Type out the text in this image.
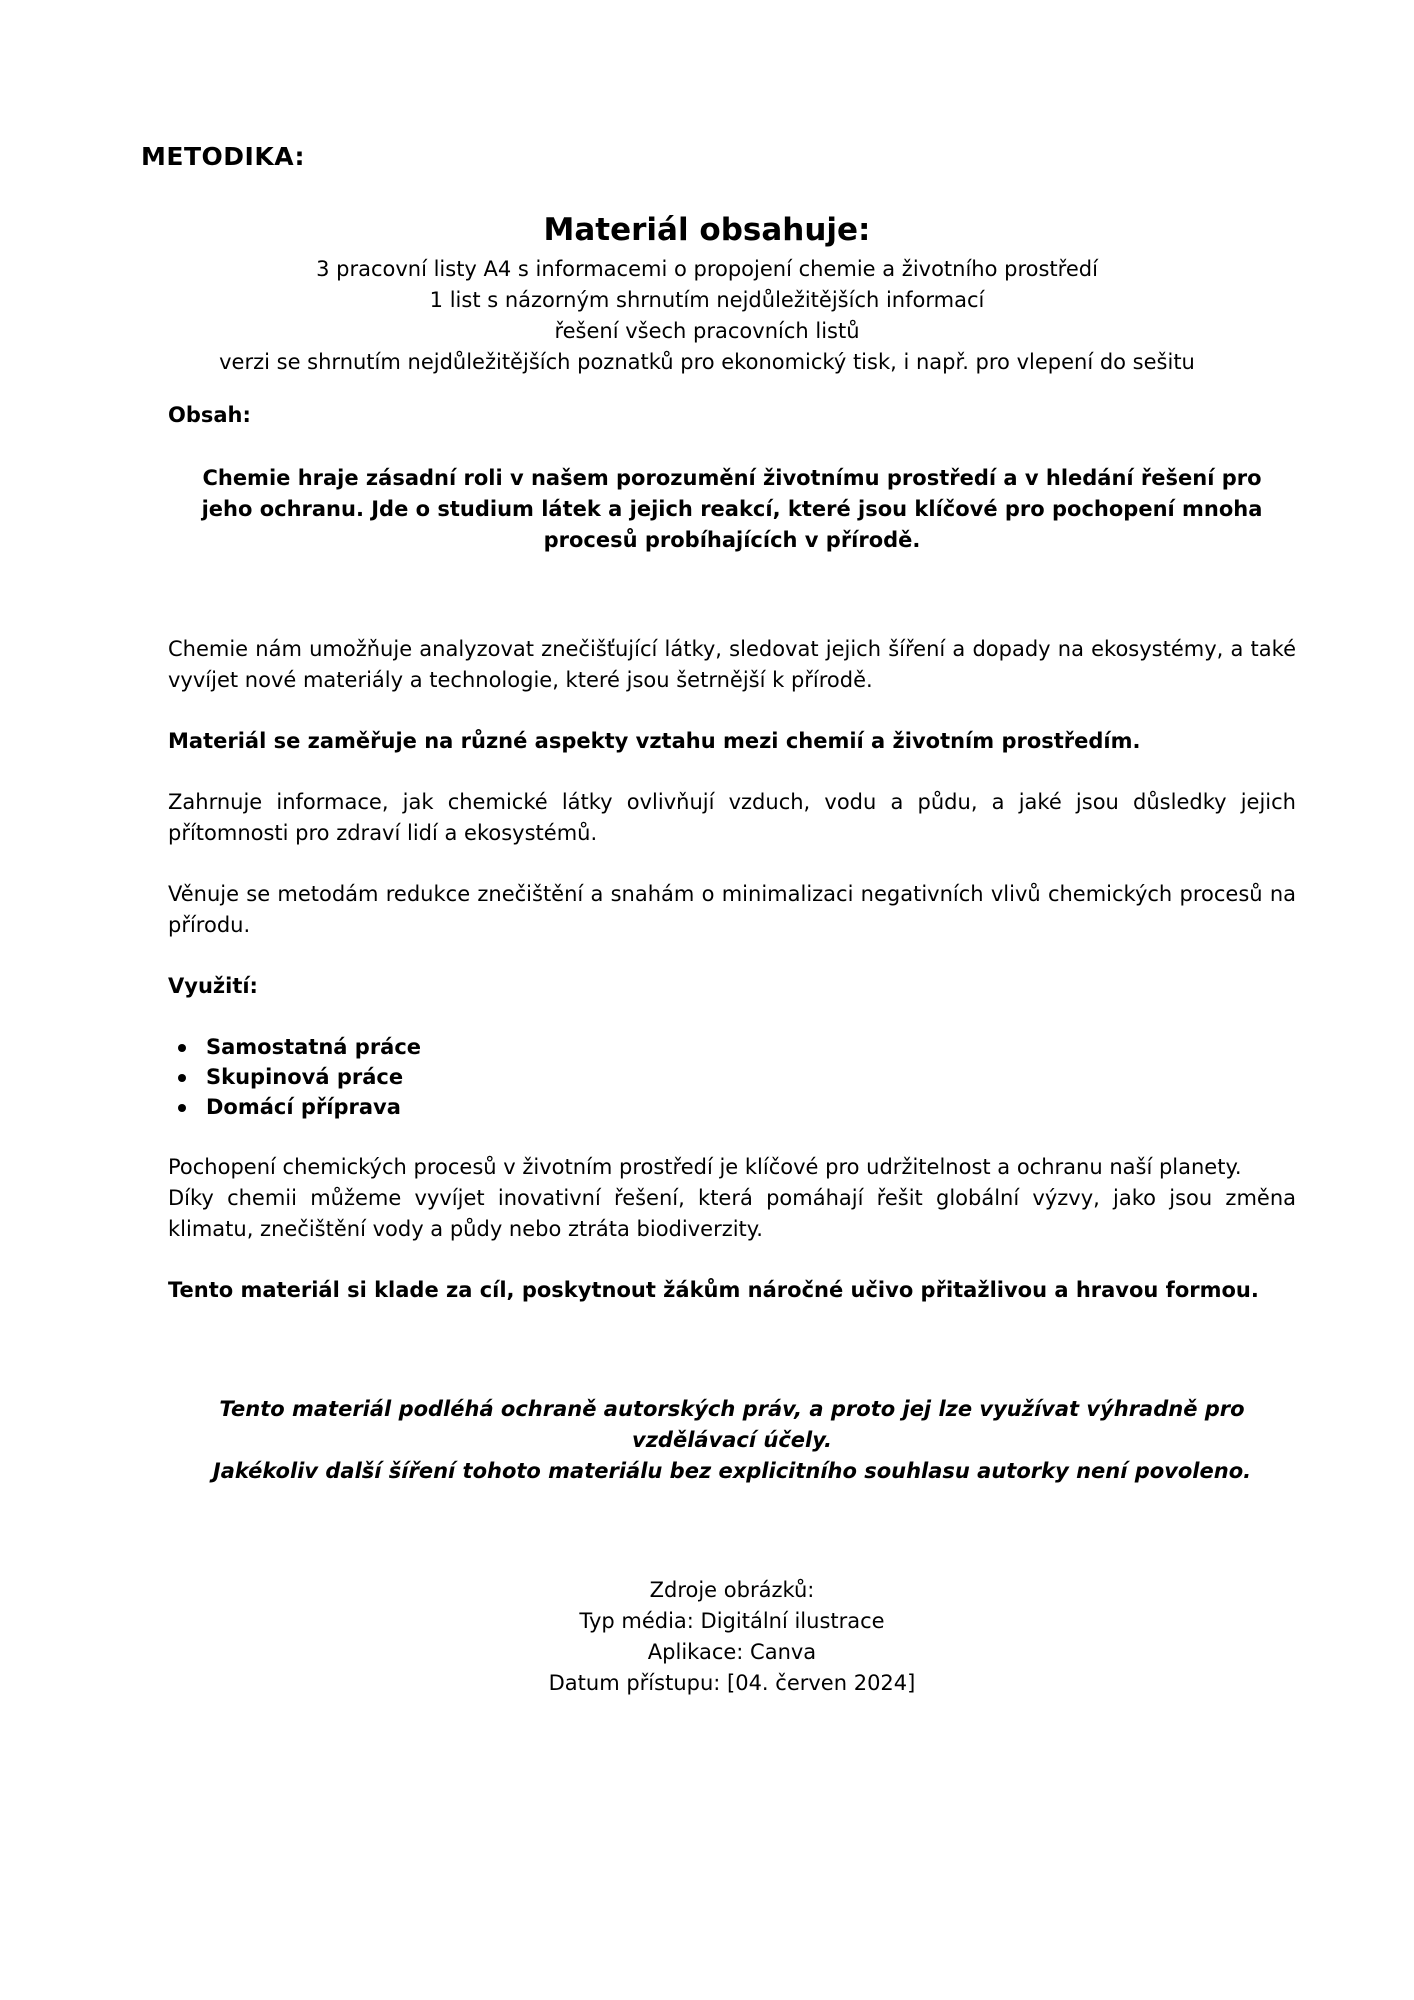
METODIKA:
Materiál obsahuje:
3 pracovní listy A4 s informacemi o propojení chemie a životního prostředí
1 list s názorným shrnutím nejdůležitějších informací
řešení všech pracovních listů
verzi se shrnutím nejdůležitějších poznatků pro ekonomický tisk, i např. pro vlepení do sešitu

Obsah:

Chemie hraje zásadní roli v našem porozumění životnímu prostředí a v hledání řešení pro jeho ochranu. Jde o studium látek a jejich reakcí, které jsou klíčové pro pochopení mnoha procesů probíhajících v přírodě.

Chemie nám umožňuje analyzovat znečišťující látky, sledovat jejich šíření a dopady na ekosystémy, a také vyvíjet nové materiály a technologie, které jsou šetrnější k přírodě.

Materiál se zaměřuje na různé aspekty vztahu mezi chemií a životním prostředím.

Zahrnuje informace, jak chemické látky ovlivňují vzduch, vodu a půdu, a jaké jsou důsledky jejich přítomnosti pro zdraví lidí a ekosystémů.

Věnuje se metodám redukce znečištění a snahám o minimalizaci negativních vlivů chemických procesů na přírodu.

Využití:

Samostatná práce
Skupinová práce
Domácí příprava

Pochopení chemických procesů v životním prostředí je klíčové pro udržitelnost a ochranu naší planety.

Díky chemii můžeme vyvíjet inovativní řešení, která pomáhají řešit globální výzvy, jako jsou změna klimatu, znečištění vody a půdy nebo ztráta biodiverzity.

Tento materiál si klade za cíl, poskytnout žákům náročné učivo přitažlivou a hravou formou.

Tento materiál podléhá ochraně autorských práv, a proto jej lze využívat výhradně pro vzdělávací účely.

Jakékoliv další šíření tohoto materiálu bez explicitního souhlasu autorky není povoleno.

Zdroje obrázků:

Typ média: Digitální ilustrace

Aplikace: Canva

Datum přístupu: [04. červen 2024]
